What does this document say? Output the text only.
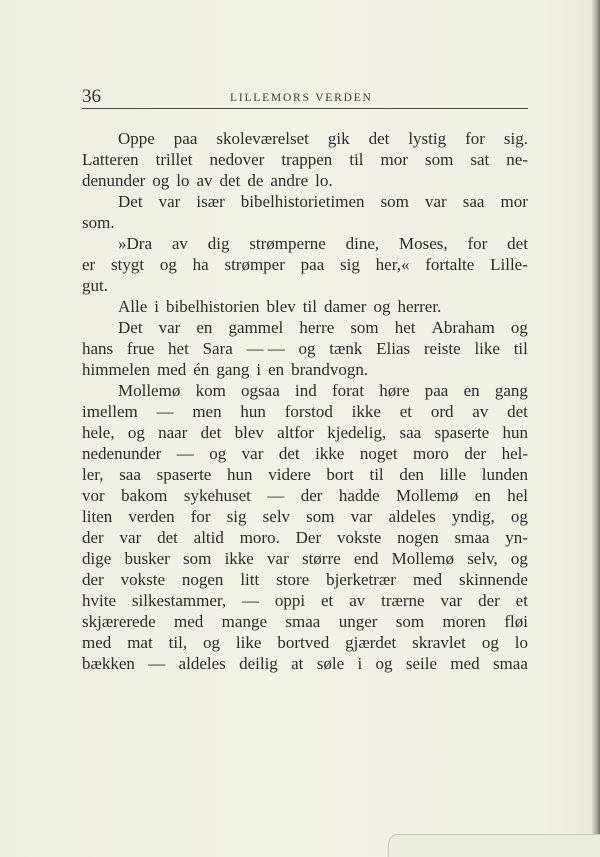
36	LILLEMORS VERDEN
Oppe paa skoleværelset gik det lystig for sig.
Latteren trillet nedover trappen til mor som sat ne-
denunder og lo av det de andre lo.
Det var især bibelhistorietimen som var saa mor
som.
»Dra av dig strømperne dine, Moses, for det
er stygt og ha strømper paa sig her,« fortalte Lille-
gut.
Alle i bibelhistorien blev til damer og herrer.
Det var en gammel herre som het Abraham og
hans frue het Sara — — og tænk Elias reiste like til
himmelen med én gang i en brandvogn.
Mollemø kom ogsaa ind forat høre paa en gang
imellem — men hun forstod ikke et ord av det
hele, og naar det blev altfor kjedelig, saa spaserte hun
nedenunder — og var det ikke noget moro der hel-
ler, saa spaserte hun videre bort til den lille lunden
vor bakom sykehuset — der hadde Mollemø en hel
liten verden for sig selv som var aldeles yndig, og
der var det altid moro. Der vokste nogen smaa yn-
dige busker som ikke var større end Mollemø selv, og
der vokste nogen litt store bjerketrær med skinnende
hvite silkestammer, — oppi et av trærne var der et
skjærerede med mange smaa unger som moren fløi
med mat til, og like bortved gjærdet skravlet og lo
bækken — aldeles deilig at søle i og seile med smaa
